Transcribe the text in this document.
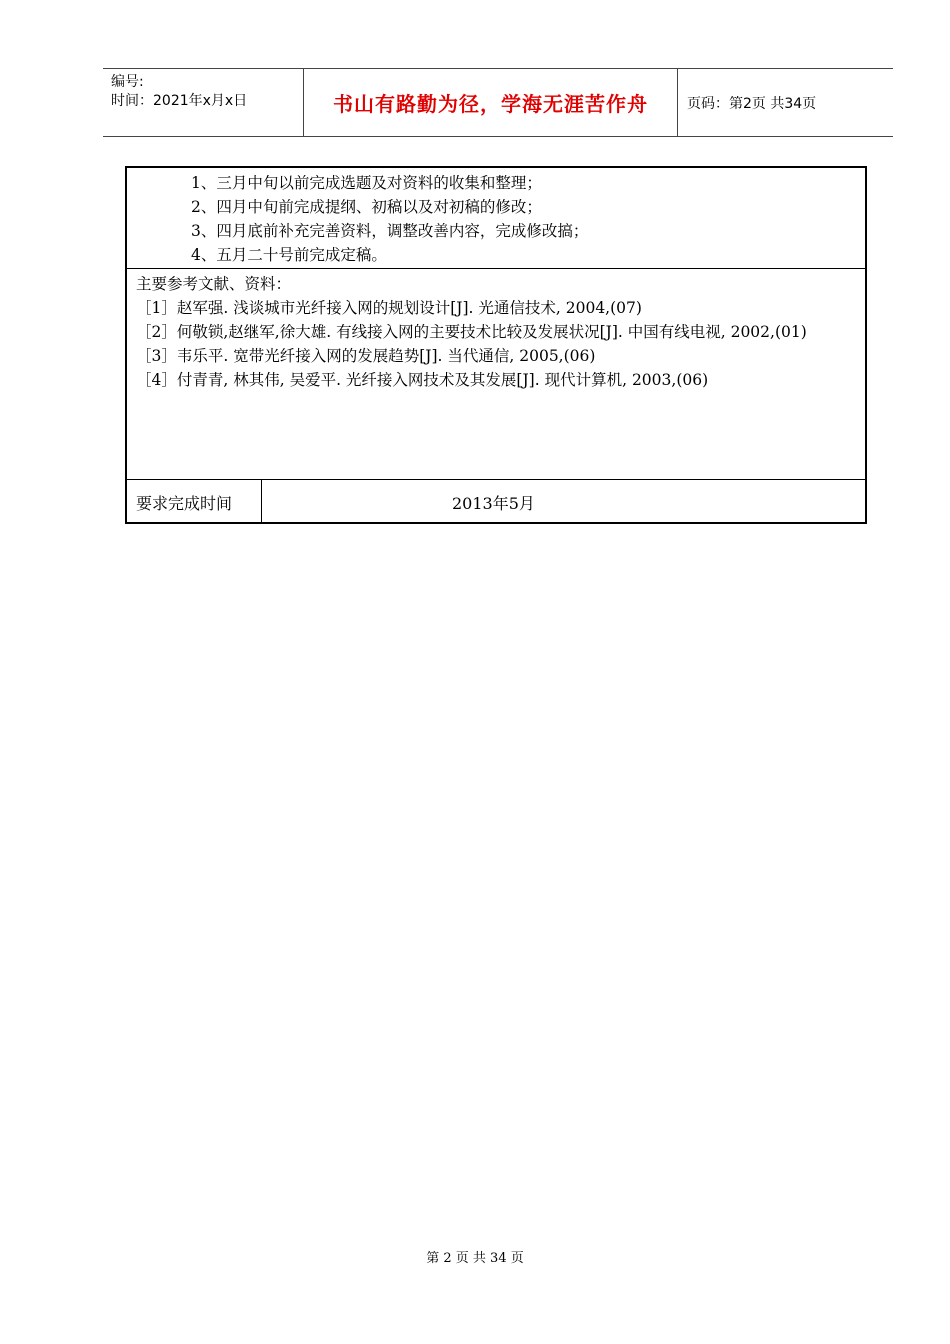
编号:
时间：2021年x月x日	书山有路勤为径，学海无涯苦作舟	页码：第2页 共34页
1、三月中旬以前完成选题及对资料的收集和整理；
2、四月中旬前完成提纲、初稿以及对初稿的修改；
3、四月底前补充完善资料，调整改善内容，完成修改搞；
4、五月二十号前完成定稿。
主要参考文献、资料：

［1］赵军强. 浅谈城市光纤接入网的规划设计[J]. 光通信技术, 2004,(07)

［2］何敬锁,赵继军,徐大雄. 有线接入网的主要技术比较及发展状况[J]. 中国有线电视, 2002,(01)

［3］韦乐平. 宽带光纤接入网的发展趋势[J]. 当代通信, 2005,(06)

［4］付青青, 林其伟, 吴爱平. 光纤接入网技术及其发展[J]. 现代计算机, 2003,(06)

要求完成时间	2013年5月
第 2 页 共 34 页
